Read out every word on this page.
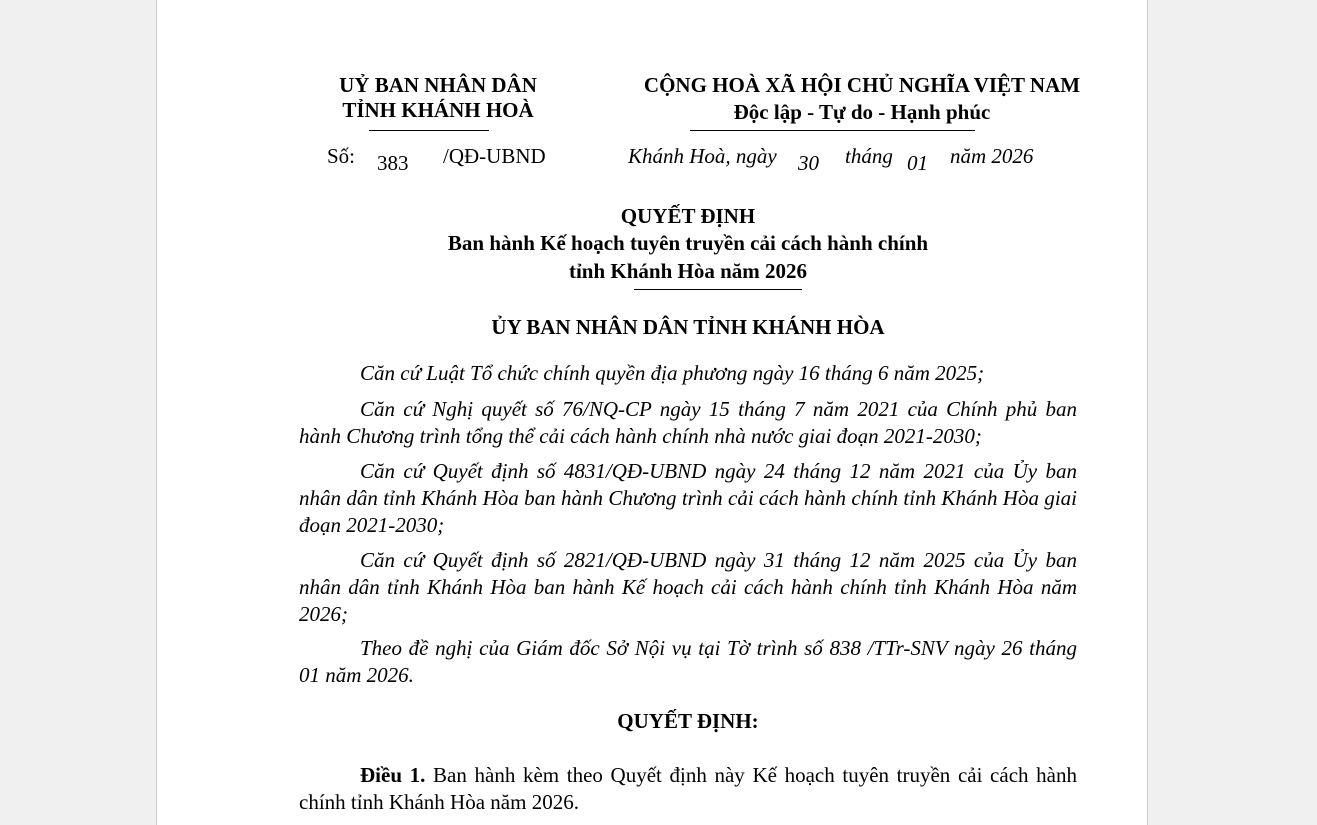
UỶ BAN NHÂN DÂN
TỈNH KHÁNH HOÀ
CỘNG HOÀ XÃ HỘI CHỦ NGHĨA VIỆT NAM
Độc lập - Tự do - Hạnh phúc
Số: 383 /QĐ-UBND	Khánh Hoà, ngày 30 tháng 01 năm 2026
QUYẾT ĐỊNH
Ban hành Kế hoạch tuyên truyền cải cách hành chính
tỉnh Khánh Hòa năm 2026
ỦY BAN NHÂN DÂN TỈNH KHÁNH HÒA
Căn cứ Luật Tổ chức chính quyền địa phương ngày 16 tháng 6 năm 2025;
Căn cứ Nghị quyết số 76/NQ-CP ngày 15 tháng 7 năm 2021 của Chính phủ ban hành Chương trình tổng thể cải cách hành chính nhà nước giai đoạn 2021-2030;
Căn cứ Quyết định số 4831/QĐ-UBND ngày 24 tháng 12 năm 2021 của Ủy ban nhân dân tỉnh Khánh Hòa ban hành Chương trình cải cách hành chính tỉnh Khánh Hòa giai đoạn 2021-2030;
Căn cứ Quyết định số 2821/QĐ-UBND ngày 31 tháng 12 năm 2025 của Ủy ban nhân dân tỉnh Khánh Hòa ban hành Kế hoạch cải cách hành chính tỉnh Khánh Hòa năm 2026;
Theo đề nghị của Giám đốc Sở Nội vụ tại Tờ trình số 838 /TTr-SNV ngày 26 tháng 01 năm 2026.
QUYẾT ĐỊNH:
Điều 1. Ban hành kèm theo Quyết định này Kế hoạch tuyên truyền cải cách hành chính tỉnh Khánh Hòa năm 2026.
